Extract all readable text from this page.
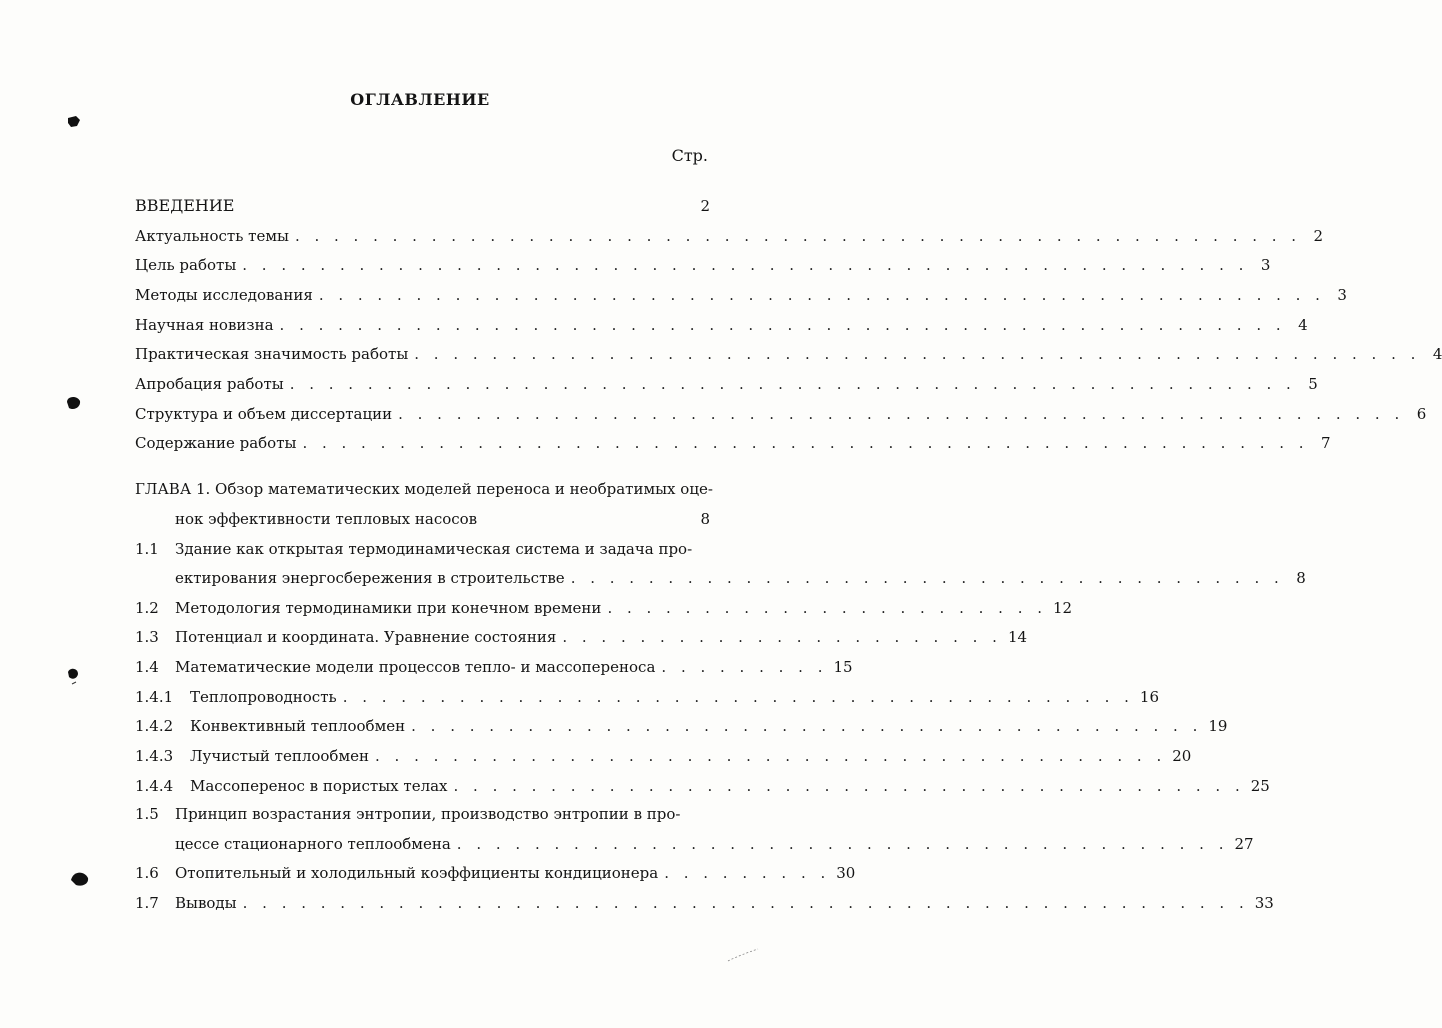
ОГЛАВЛЕНИЕ
Стр.
ВВЕДЕНИЕ	2
Актуальность темы . . . . . . . . . . . . . . . . . . . . . . . . . . . . . . . . . . . . . . . . . . . . . . . . . . . . 2
Цель работы . . . . . . . . . . . . . . . . . . . . . . . . . . . . . . . . . . . . . . . . . . . . . . . . . . . . 3
Методы исследования . . . . . . . . . . . . . . . . . . . . . . . . . . . . . . . . . . . . . . . . . . . . . . . . . . . . 3
Научная новизна . . . . . . . . . . . . . . . . . . . . . . . . . . . . . . . . . . . . . . . . . . . . . . . . . . . . 4
Практическая значимость работы . . . . . . . . . . . . . . . . . . . . . . . . . . . . . . . . . . . . . . . . . . . . . . . . . . . . 4
Апробация работы . . . . . . . . . . . . . . . . . . . . . . . . . . . . . . . . . . . . . . . . . . . . . . . . . . . . 5
Структура и объем диссертации . . . . . . . . . . . . . . . . . . . . . . . . . . . . . . . . . . . . . . . . . . . . . . . . . . . . 6
Содержание работы . . . . . . . . . . . . . . . . . . . . . . . . . . . . . . . . . . . . . . . . . . . . . . . . . . . . 7
ГЛАВА 1. Обзор математических моделей переноса и необратимых оце-
нок эффективности тепловых насосов	8
1.1 Здание как открытая термодинамическая система и задача про-
ектирования энергосбережения в строительстве . . . . . . . . . . . . . . . . . . . . . . . . . . . . . . . . . . . . . 8
1.2	Методология термодинамики при конечном времени . . . . . . . . . . . . . . . . . . . . . . . 12
1.3	Потенциал и координата. Уравнение состояния . . . . . . . . . . . . . . . . . . . . . . . 14
1.4	Математические модели процессов тепло- и массопереноса . . . . . . . . . 15
1.4.1	Теплопроводность . . . . . . . . . . . . . . . . . . . . . . . . . . . . . . . . . . . . . . . . . 16
1.4.2	Конвективный теплообмен . . . . . . . . . . . . . . . . . . . . . . . . . . . . . . . . . . . . . . . . . 19
1.4.3	Лучистый теплообмен . . . . . . . . . . . . . . . . . . . . . . . . . . . . . . . . . . . . . . . . . 20
1.4.4	Массоперенос в пористых телах . . . . . . . . . . . . . . . . . . . . . . . . . . . . . . . . . . . . . . . . . 25
1.5 Принцип возрастания энтропии, производство энтропии в про-
цессе стационарного теплообмена . . . . . . . . . . . . . . . . . . . . . . . . . . . . . . . . . . . . . . . . 27
1.6	Отопительный и холодильный коэффициенты кондиционера . . . . . . . . . 30
1.7	Выводы . . . . . . . . . . . . . . . . . . . . . . . . . . . . . . . . . . . . . . . . . . . . . . . . . . . . 33
